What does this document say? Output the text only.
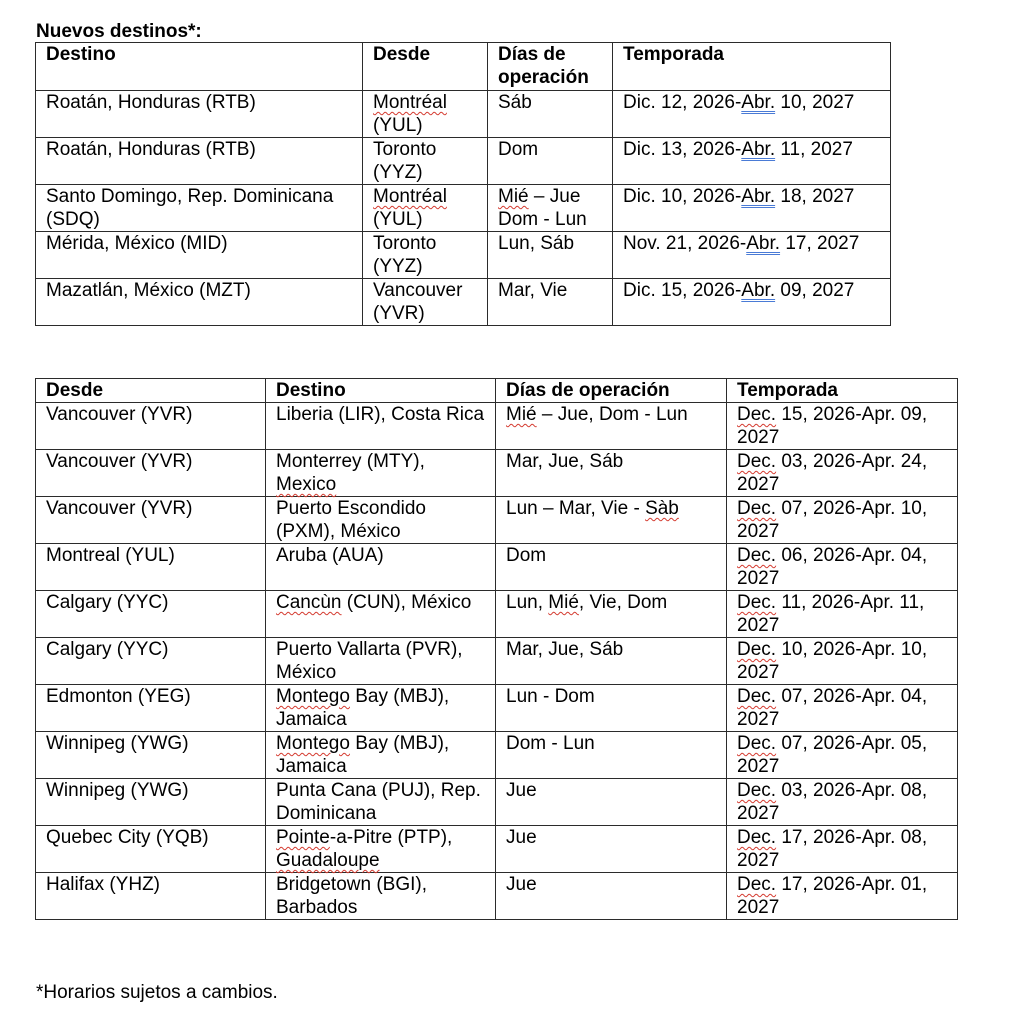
Nuevos destinos*:
Destino	Desde	Días de operación	Temporada
Roatán, Honduras (RTB)	Montréal (YUL)	Sáb	Dic. 12, 2026-Abr. 10, 2027
Roatán, Honduras (RTB)	Toronto (YYZ)	Dom	Dic. 13, 2026-Abr. 11, 2027
Santo Domingo, Rep. Dominicana (SDQ)	Montréal (YUL)	Mié – Jue Dom - Lun	Dic. 10, 2026-Abr. 18, 2027
Mérida, México (MID)	Toronto (YYZ)	Lun, Sáb	Nov. 21, 2026-Abr. 17, 2027
Mazatlán, México (MZT)	Vancouver (YVR)	Mar, Vie	Dic. 15, 2026-Abr. 09, 2027
Desde	Destino	Días de operación	Temporada
Vancouver (YVR)	Liberia (LIR), Costa Rica	Mié – Jue, Dom - Lun	Dec. 15, 2026-Apr. 09, 2027
Vancouver (YVR)	Monterrey (MTY), Mexico	Mar, Jue, Sáb	Dec. 03, 2026-Apr. 24, 2027
Vancouver (YVR)	Puerto Escondido (PXM), México	Lun – Mar, Vie - Sàb	Dec. 07, 2026-Apr. 10, 2027
Montreal (YUL)	Aruba (AUA)	Dom	Dec. 06, 2026-Apr. 04, 2027
Calgary (YYC)	Cancùn (CUN), México	Lun, Mié, Vie, Dom	Dec. 11, 2026-Apr. 11, 2027
Calgary (YYC)	Puerto Vallarta (PVR), México	Mar, Jue, Sáb	Dec. 10, 2026-Apr. 10, 2027
Edmonton (YEG)	Montego Bay (MBJ), Jamaica	Lun - Dom	Dec. 07, 2026-Apr. 04, 2027
Winnipeg (YWG)	Montego Bay (MBJ), Jamaica	Dom - Lun	Dec. 07, 2026-Apr. 05, 2027
Winnipeg (YWG)	Punta Cana (PUJ), Rep. Dominicana	Jue	Dec. 03, 2026-Apr. 08, 2027
Quebec City (YQB)	Pointe-a-Pitre (PTP), Guadaloupe	Jue	Dec. 17, 2026-Apr. 08, 2027
Halifax (YHZ)	Bridgetown (BGI), Barbados	Jue	Dec. 17, 2026-Apr. 01, 2027
*Horarios sujetos a cambios.
